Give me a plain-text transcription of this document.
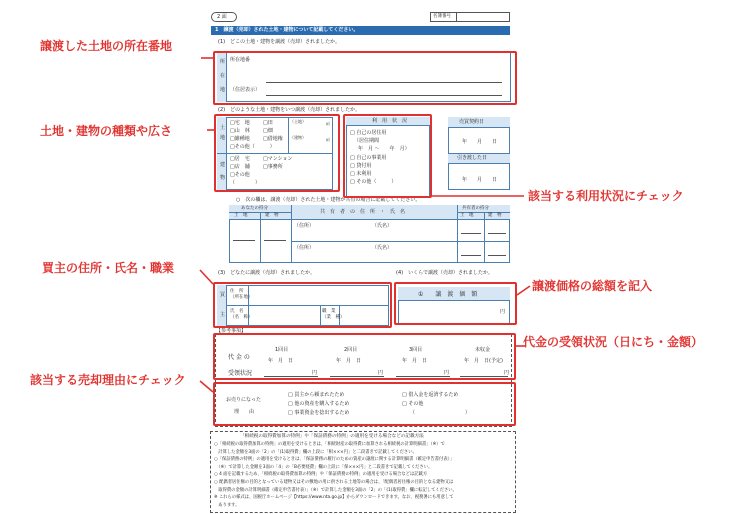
2 面	名簿番号
1　譲渡（売却）された土地・建物について記載してください。
(1)　どこの土地・建物を譲渡（売却）されましたか。
所
在
地
所在地番
（住居表示）
(2)　どのような土地・建物をいつ譲渡（売却）されましたか。
土
地
建
物
□宅　地	□田
□山　林	□畑
□雑種地	□借地権
□その他（　　　）
（土地）	㎡
（建物）	㎡
□居　宅	□マンション
□店　舗	□事務所
□その他
（　　　　）
利　用　状　況
□ 自己の居住用
（居住期間
年　月 〜　　年　月）
□ 自己の事業用
□ 貸付用
□ 未利用
□ その他（　　　）
売買契約日
年　　月　　日
引き渡した日
年　　月　　日
○　次の欄は、譲渡（売却）された土地・建物が共有の場合に記載してください。
あなたの持分
土　地	建　物
共　有　者　の　住　所　・　氏　名
共有者の持分
土　地	建　物
（住所）	（氏名）
（住所）	（氏名）
(3)　どなたに譲渡（売却）されましたか。	(4)　いくらで譲渡（売却）されましたか。
買
主
住　所
（所在地）
氏　名
（名　称）
職　業
（業　種）
①　　譲　渡　価　額
円
【参考事項】
代 金 の
受領状況
1回目	2回目	3回目	未収金
年　月　日	年　月　日	年　月　日	年　月　日(予定)
円	円	円	円
お売りになった
理　　由
□ 買主から頼まれたため
□ 他の資産を購入するため
□ 事業資金を捻出するため
□ 借入金を返済するため
□ その他
（　　　　　　　　　　）
「相続税の取得費加算の特例」や「保証債務の特例」の適用を受ける場合などの記載方法
○「相続税の取得費加算の特例」の適用を受けるときは、「相続財産の取得費に加算される相続税の計算明細書」（※）で
　計算した金額を3面の「2」の「(1)取得費」欄の上段に「相×××円」と二段書きで記載してください。
○「保証債務の特例」の適用を受けるときは、「保証債務の履行のための資産の譲渡に関する計算明細書（確定申告書付表）」
　（※）で計算した金額を3面の「4」の「B必要経費」欄の上段に「保×××円」と二段書きで記載してください。
○ 4 面を記載するため、「相続税の取得費加算の特例」や「保証債務の特例」の適用を受ける場合などは記載方
○ 配偶者居住権の目的となっている建物又はその敷地の用に供される土地等の場合は、「配偶者居住権の目的となる建物又は
　取得費の金額の計算明細書（確定申告書付表）」（※）で計算した金額を3面の「2」の「(1)取得費」欄に転記してください。
※ これらの様式は、国税庁ホームページ【https://www.nta.go.jp】からダウンロードできます。なお、税務署にも用意して
　あります。
譲渡した土地の所在番地
土地・建物の種類や広さ
該当する利用状況にチェック
買主の住所・氏名・職業
譲渡価格の総額を記入
代金の受領状況（日にち・金額）
該当する売却理由にチェック
